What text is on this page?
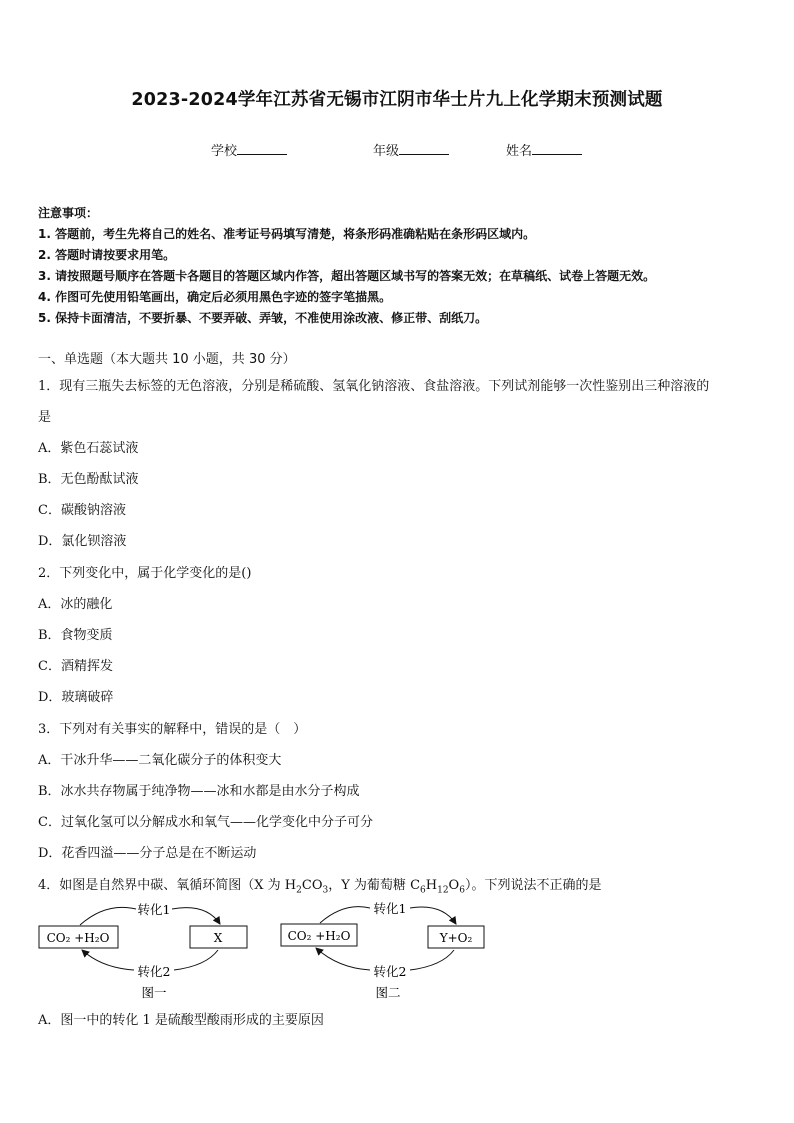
2023-2024学年江苏省无锡市江阴市华士片九上化学期末预测试题
学校	年级	姓名
注意事项：
1. 答题前，考生先将自己的姓名、准考证号码填写清楚，将条形码准确粘贴在条形码区域内。
2. 答题时请按要求用笔。
3. 请按照题号顺序在答题卡各题目的答题区域内作答，超出答题区域书写的答案无效；在草稿纸、试卷上答题无效。
4. 作图可先使用铅笔画出，确定后必须用黑色字迹的签字笔描黑。
5. 保持卡面清洁，不要折暴、不要弄破、弄皱，不准使用涂改液、修正带、刮纸刀。
一、单选题（本大题共 10 小题，共 30 分）
1．现有三瓶失去标签的无色溶液，分别是稀硫酸、氢氧化钠溶液、食盐溶液。下列试剂能够一次性鉴别出三种溶液的
是
A．紫色石蕊试液
B．无色酚酞试液
C．碳酸钠溶液
D．氯化钡溶液
2．下列变化中，属于化学变化的是()
A．冰的融化
B．食物变质
C．酒精挥发
D．玻璃破碎
3．下列对有关事实的解释中，错误的是（　）
A．干冰升华——二氧化碳分子的体积变大
B．冰水共存物属于纯净物——冰和水都是由水分子构成
C．过氧化氢可以分解成水和氧气——化学变化中分子可分
D．花香四溢——分子总是在不断运动
4．如图是自然界中碳、氧循环简图（X 为 $H_2CO_3$，Y 为葡萄糖 $C_6H_{12}O_6$）。下列说法不正确的是
CO₂ +H₂O	X
转化1
转化2
图一
CO₂ +H₂O	Y+O₂
转化1
转化2
图二
A．图一中的转化 1 是硫酸型酸雨形成的主要原因
